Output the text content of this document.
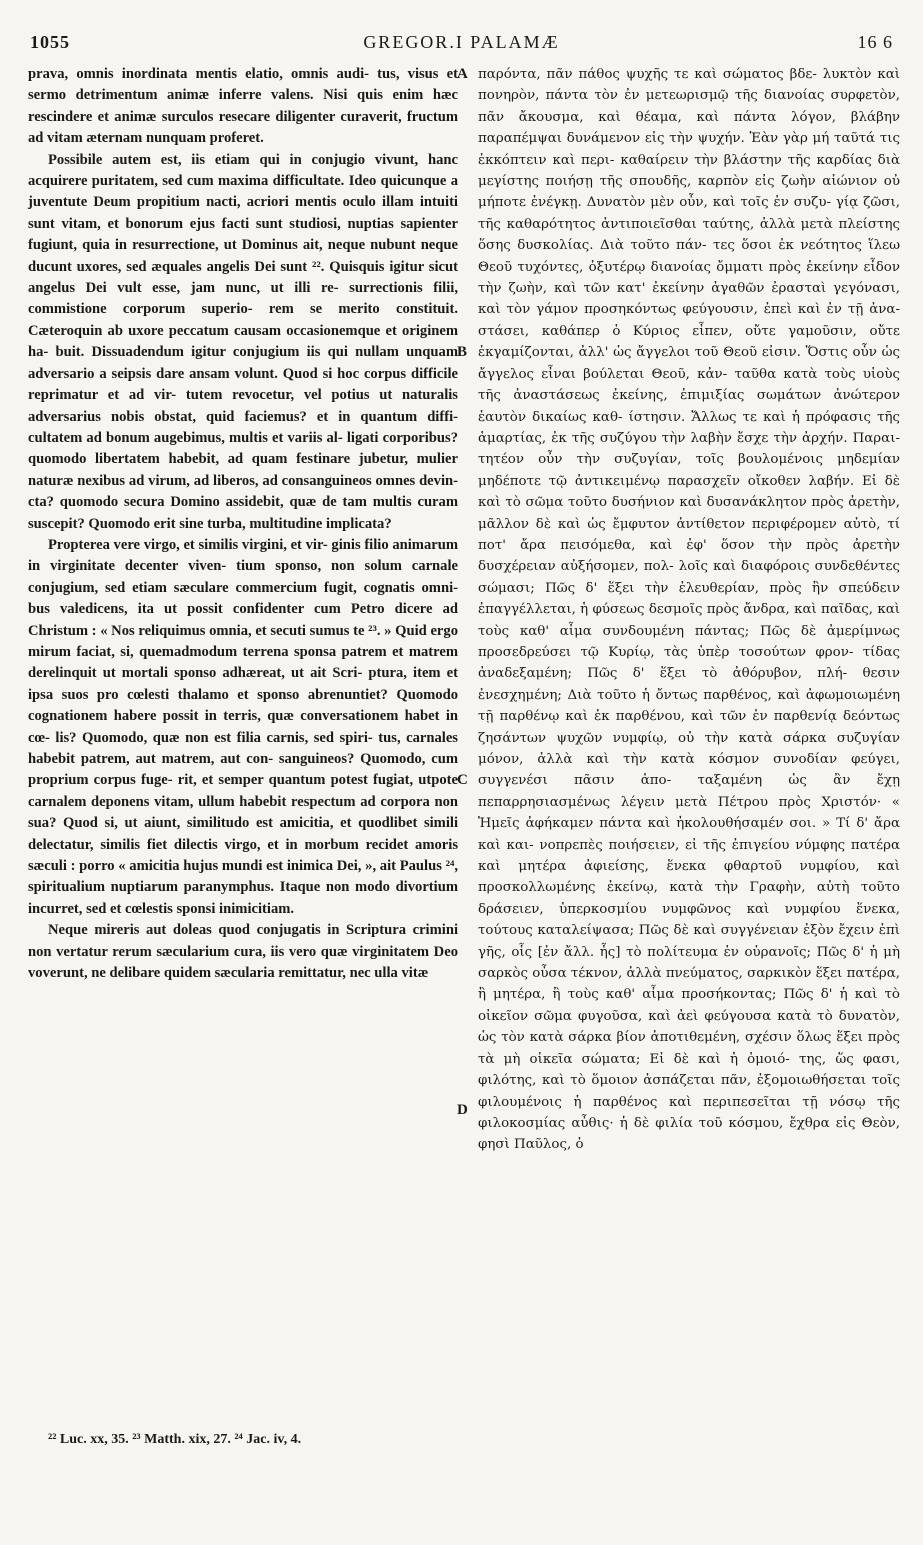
1055	GREGOR.I PALAMÆ	16 6

prava, omnis inordinata mentis elatio, omnis audi- tus, visus et sermo detrimentum animæ inferre valens. Nisi quis enim hæc rescindere et animæ surculos resecare diligenter curaverit, fructum ad vitam æternam nunquam proferet.

Possibile autem est, iis etiam qui in conjugio vivunt, hanc acquirere puritatem, sed cum maxima difficultate. Ideo quicunque a juventute Deum propitium nacti, acriori mentis oculo illam intuiti sunt vitam, et bonorum ejus facti sunt studiosi, nuptias sapienter fugiunt, quia in resurrectione, ut Dominus ait, neque nubunt neque ducunt uxores, sed æquales angelis Dei sunt ²². Quisquis igitur sicut angelus Dei vult esse, jam nunc, ut illi re- surrectionis filii, commistione corporum superio- rem se merito constituit. Cæteroquin ab uxore peccatum causam occasionemque et originem ha- buit. Dissuadendum igitur conjugium iis qui nullam unquam adversario a seipsis dare ansam volunt. Quod si hoc corpus difficile reprimatur et ad vir- tutem revocetur, vel potius ut naturalis adversarius nobis obstat, quid faciemus? et in quantum diffi- cultatem ad bonum augebimus, multis et variis al- ligati corporibus? quomodo libertatem habebit, ad quam festinare jubetur, mulier naturæ nexibus ad virum, ad liberos, ad consanguineos omnes devin- cta? quomodo secura Domino assidebit, quæ de tam multis curam suscepit? Quomodo erit sine turba, multitudine implicata?

Propterea vere virgo, et similis virgini, et vir- ginis filio animarum in virginitate decenter viven- tium sponso, non solum carnale conjugium, sed etiam sæculare commercium fugit, cognatis omni- bus valedicens, ita ut possit confidenter cum Petro dicere ad Christum : « Nos reliquimus omnia, et secuti sumus te ²³. » Quid ergo mirum faciat, si, quemadmodum terrena sponsa patrem et matrem derelinquit ut mortali sponso adhæreat, ut ait Scri- ptura, item et ipsa suos pro cœlesti thalamo et sponso abrenuntiet? Quomodo cognationem habere possit in terris, quæ conversationem habet in cœ- lis? Quomodo, quæ non est filia carnis, sed spiri- tus, carnales habebit patrem, aut matrem, aut con- sanguineos? Quomodo, cum proprium corpus fuge- rit, et semper quantum potest fugiat, utpote carnalem deponens vitam, ullum habebit respectum ad corpora non sua? Quod si, ut aiunt, similitudo est amicitia, et quodlibet simili delectatur, similis fiet dilectis virgo, et in morbum recidet amoris sæculi : porro « amicitia hujus mundi est inimica Dei, », ait Paulus ²⁴, spiritualium nuptiarum paranymphus. Itaque non modo divortium incurret, sed et cœlestis sponsi inimicitiam.

Neque mireris aut doleas quod conjugatis in Scriptura crimini non vertatur rerum sæcularium cura, iis vero quæ virginitatem Deo voverunt, ne delibare quidem sæcularia remittatur, nec ulla vitæ

A
B
C
D

παρόντα, πᾶν πάθος ψυχῆς τε καὶ σώματος βδε- λυκτὸν καὶ πονηρὸν, πάντα τὸν ἐν μετεωρισμῷ τῆς διανοίας συρφετὸν, πᾶν ἄκουσμα, καὶ θέαμα, καὶ πάντα λόγον, βλάβην παραπέμψαι δυνάμενον εἰς τὴν ψυχήν. Ἐὰν γὰρ μή ταῦτά τις ἐκκόπτειν καὶ περι- καθαίρειν τὴν βλάστην τῆς καρδίας διὰ μεγίστης ποιήσῃ τῆς σπουδῆς, καρπὸν εἰς ζωὴν αἰώνιον οὐ μήποτε ἐνέγκῃ. Δυνατὸν μὲν οὖν, καὶ τοῖς ἐν συζυ- γίᾳ ζῶσι, τῆς καθαρότητος ἀντιποιεῖσθαι ταύτης, ἀλλὰ μετὰ πλείστης ὅσης δυσκολίας. Διὰ τοῦτο πάν- τες ὅσοι ἐκ νεότητος ἵλεω Θεοῦ τυχόντες, ὀξυτέρῳ διανοίας ὄμματι πρὸς ἐκείνην εἶδον τὴν ζωὴν, καὶ τῶν κατ' ἐκείνην ἀγαθῶν ἐρασταὶ γεγόνασι, καὶ τὸν γάμον προσηκόντως φεύγουσιν, ἐπεὶ καὶ ἐν τῇ ἀνα- στάσει, καθάπερ ὁ Κύριος εἶπεν, οὔτε γαμοῦσιν, οὔτε ἐκγαμίζονται, ἀλλ' ὡς ἄγγελοι τοῦ Θεοῦ εἰσιν. Ὅστις οὖν ὡς ἄγγελος εἶναι βούλεται Θεοῦ, κἀν- ταῦθα κατὰ τοὺς υἱοὺς τῆς ἀναστάσεως ἐκείνης, ἐπιμιξίας σωμάτων ἀνώτερον ἑαυτὸν δικαίως καθ- ίστησιν. Ἄλλως τε καὶ ἡ πρόφασις τῆς ἁμαρτίας, ἐκ τῆς συζύγου τὴν λαβὴν ἔσχε τὴν ἀρχήν. Παραι- τητέον οὖν τὴν συζυγίαν, τοῖς βουλομένοις μηδεμίαν μηδέποτε τῷ ἀντικειμένῳ παρασχεῖν οἴκοθεν λαβήν. Εἰ δὲ καὶ τὸ σῶμα τοῦτο δυσήνιον καὶ δυσανάκλητον πρὸς ἀρετὴν, μᾶλλον δὲ καὶ ὡς ἔμφυτον ἀντίθετον περιφέρομεν αὐτὸ, τί ποτ' ἄρα πεισόμεθα, καὶ ἐφ' ὅσον τὴν πρὸς ἀρετὴν δυσχέρειαν αὐξήσομεν, πολ- λοῖς καὶ διαφόροις συνδεθέντες σώμασι; Πῶς δ' ἕξει τὴν ἐλευθερίαν, πρὸς ἣν σπεύδειν ἐπαγγέλλεται, ἡ φύσεως δεσμοῖς πρὸς ἄνδρα, καὶ παῖδας, καὶ τοὺς καθ' αἷμα συνδουμένη πάντας; Πῶς δὲ ἀμερίμνως προσεδρεύσει τῷ Κυρίῳ, τὰς ὑπὲρ τοσούτων φρον- τίδας ἀναδεξαμένη; Πῶς δ' ἕξει τὸ ἀθόρυβον, πλή- θεσιν ἐνεσχημένη; Διὰ τοῦτο ἡ ὄντως παρθένος, καὶ ἀφωμοιωμένη τῇ παρθένῳ καὶ ἐκ παρθένου, καὶ τῶν ἐν παρθενίᾳ δεόντως ζησάντων ψυχῶν νυμφίῳ, οὐ τὴν κατὰ σάρκα συζυγίαν μόνον, ἀλλὰ καὶ τὴν κατὰ κόσμον συνοδίαν φεύγει, συγγενέσι πᾶσιν ἀπο- ταξαμένη ὡς ἂν ἔχῃ πεπαρρησιασμένως λέγειν μετὰ Πέτρου πρὸς Χριστόν· « Ἡμεῖς ἀφήκαμεν πάντα καὶ ἠκολουθήσαμέν σοι. » Τί δ' ἄρα καὶ και- νοπρεπὲς ποιήσειεν, εἰ τῆς ἐπιγείου νύμφης πατέρα καὶ μητέρα ἀφιείσης, ἕνεκα φθαρτοῦ νυμφίου, καὶ προσκολλωμένης ἐκείνῳ, κατὰ τὴν Γραφὴν, αὐτὴ τοῦτο δράσειεν, ὑπερκοσμίου νυμφῶνος καὶ νυμφίου ἕνεκα, τούτους καταλείψασα; Πῶς δὲ καὶ συγγένειαν ἐξὸν ἔχειν ἐπὶ γῆς, οἷς [ἐν ἄλλ. ἧς] τὸ πολίτευμα ἐν οὐρανοῖς; Πῶς δ' ἡ μὴ σαρκὸς οὖσα τέκνον, ἀλλὰ πνεύματος, σαρκικὸν ἕξει πατέρα, ἢ μητέρα, ἢ τοὺς καθ' αἷμα προσήκοντας; Πῶς δ' ἡ καὶ τὸ οἰκεῖον σῶμα φυγοῦσα, καὶ ἀεὶ φεύγουσα κατὰ τὸ δυνατὸν, ὡς τὸν κατὰ σάρκα βίον ἀποτιθεμένη, σχέσιν ὅλως ἕξει πρὸς τὰ μὴ οἰκεῖα σώματα; Εἰ δὲ καὶ ἡ ὁμοιό- της, ὥς φασι, φιλότης, καὶ τὸ ὅμοιον ἀσπάζεται πᾶν, ἐξομοιωθήσεται τοῖς φιλουμένοις ἡ παρθένος καὶ περιπεσεῖται τῇ νόσῳ τῆς φιλοκοσμίας αὖθις· ἡ δὲ φιλία τοῦ κόσμου, ἔχθρα εἰς Θεὸν, φησὶ Παῦλος, ὁ

²² Luc. xx, 35. ²³ Matth. xix, 27. ²⁴ Jac. iv, 4.
